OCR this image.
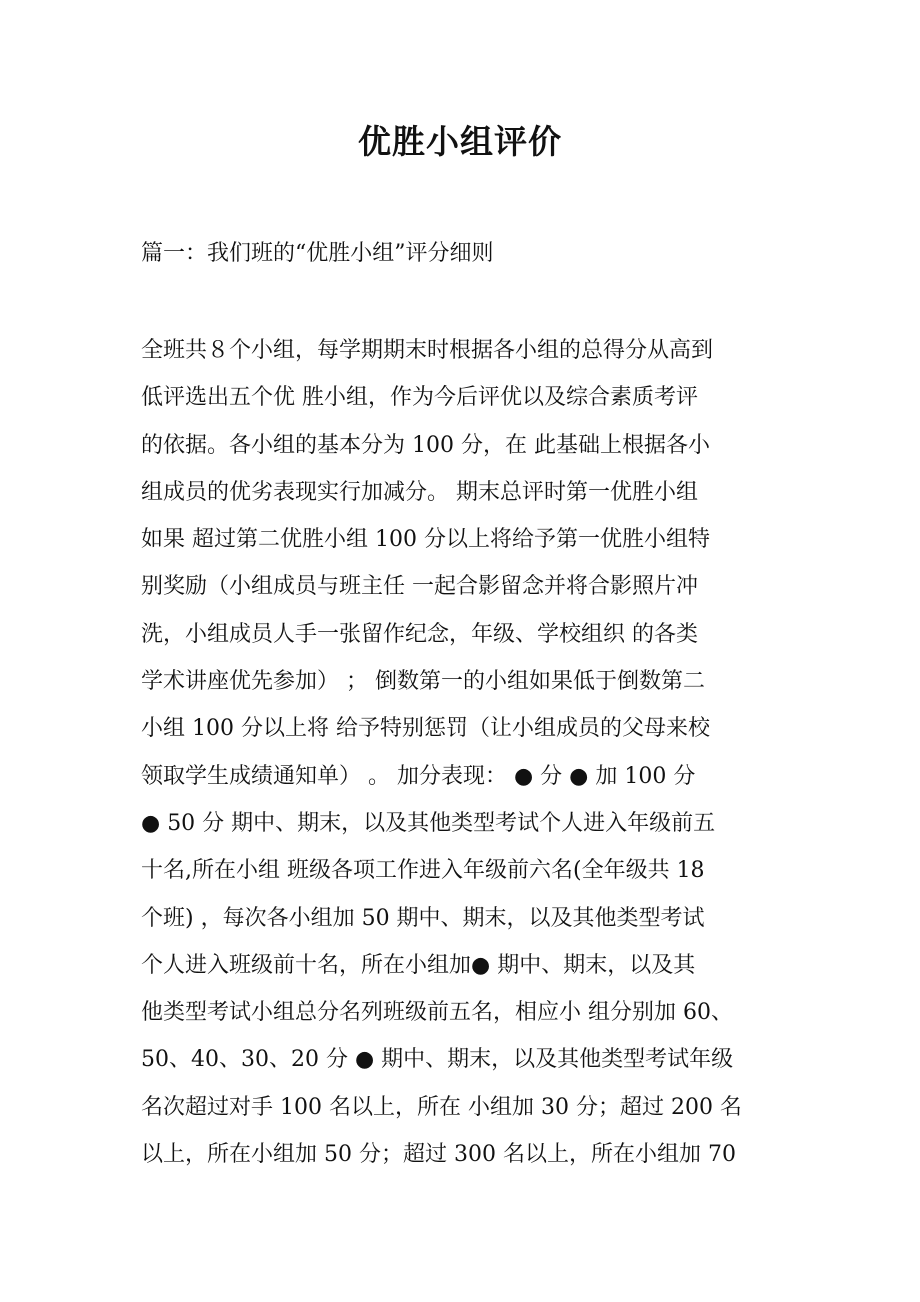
优胜小组评价
篇一：我们班的“优胜小组”评分细则
全班共８个小组，每学期期末时根据各小组的总得分从高到
低评选出五个优 胜小组，作为今后评优以及综合素质考评
的依据。各小组的基本分为 100 分，在 此基础上根据各小
组成员的优劣表现实行加减分。 期末总评时第一优胜小组
如果 超过第二优胜小组 100 分以上将给予第一优胜小组特
别奖励（小组成员与班主任 一起合影留念并将合影照片冲
洗，小组成员人手一张留作纪念，年级、学校组织 的各类
学术讲座优先参加） ； 倒数第一的小组如果低于倒数第二
小组 100 分以上将 给予特别惩罚（让小组成员的父母来校
领取学生成绩通知单） 。 加分表现： ● 分 ● 加 100 分
● 50 分 期中、期末，以及其他类型考试个人进入年级前五
十名,所在小组 班级各项工作进入年级前六名(全年级共 18
个班) ，每次各小组加 50 期中、期末，以及其他类型考试
个人进入班级前十名，所在小组加● 期中、期末，以及其
他类型考试小组总分名列班级前五名，相应小 组分别加 60、
50、40、30、20 分 ● 期中、期末，以及其他类型考试年级
名次超过对手 100 名以上，所在 小组加 30 分；超过 200 名
以上，所在小组加 50 分；超过 300 名以上，所在小组加 70
